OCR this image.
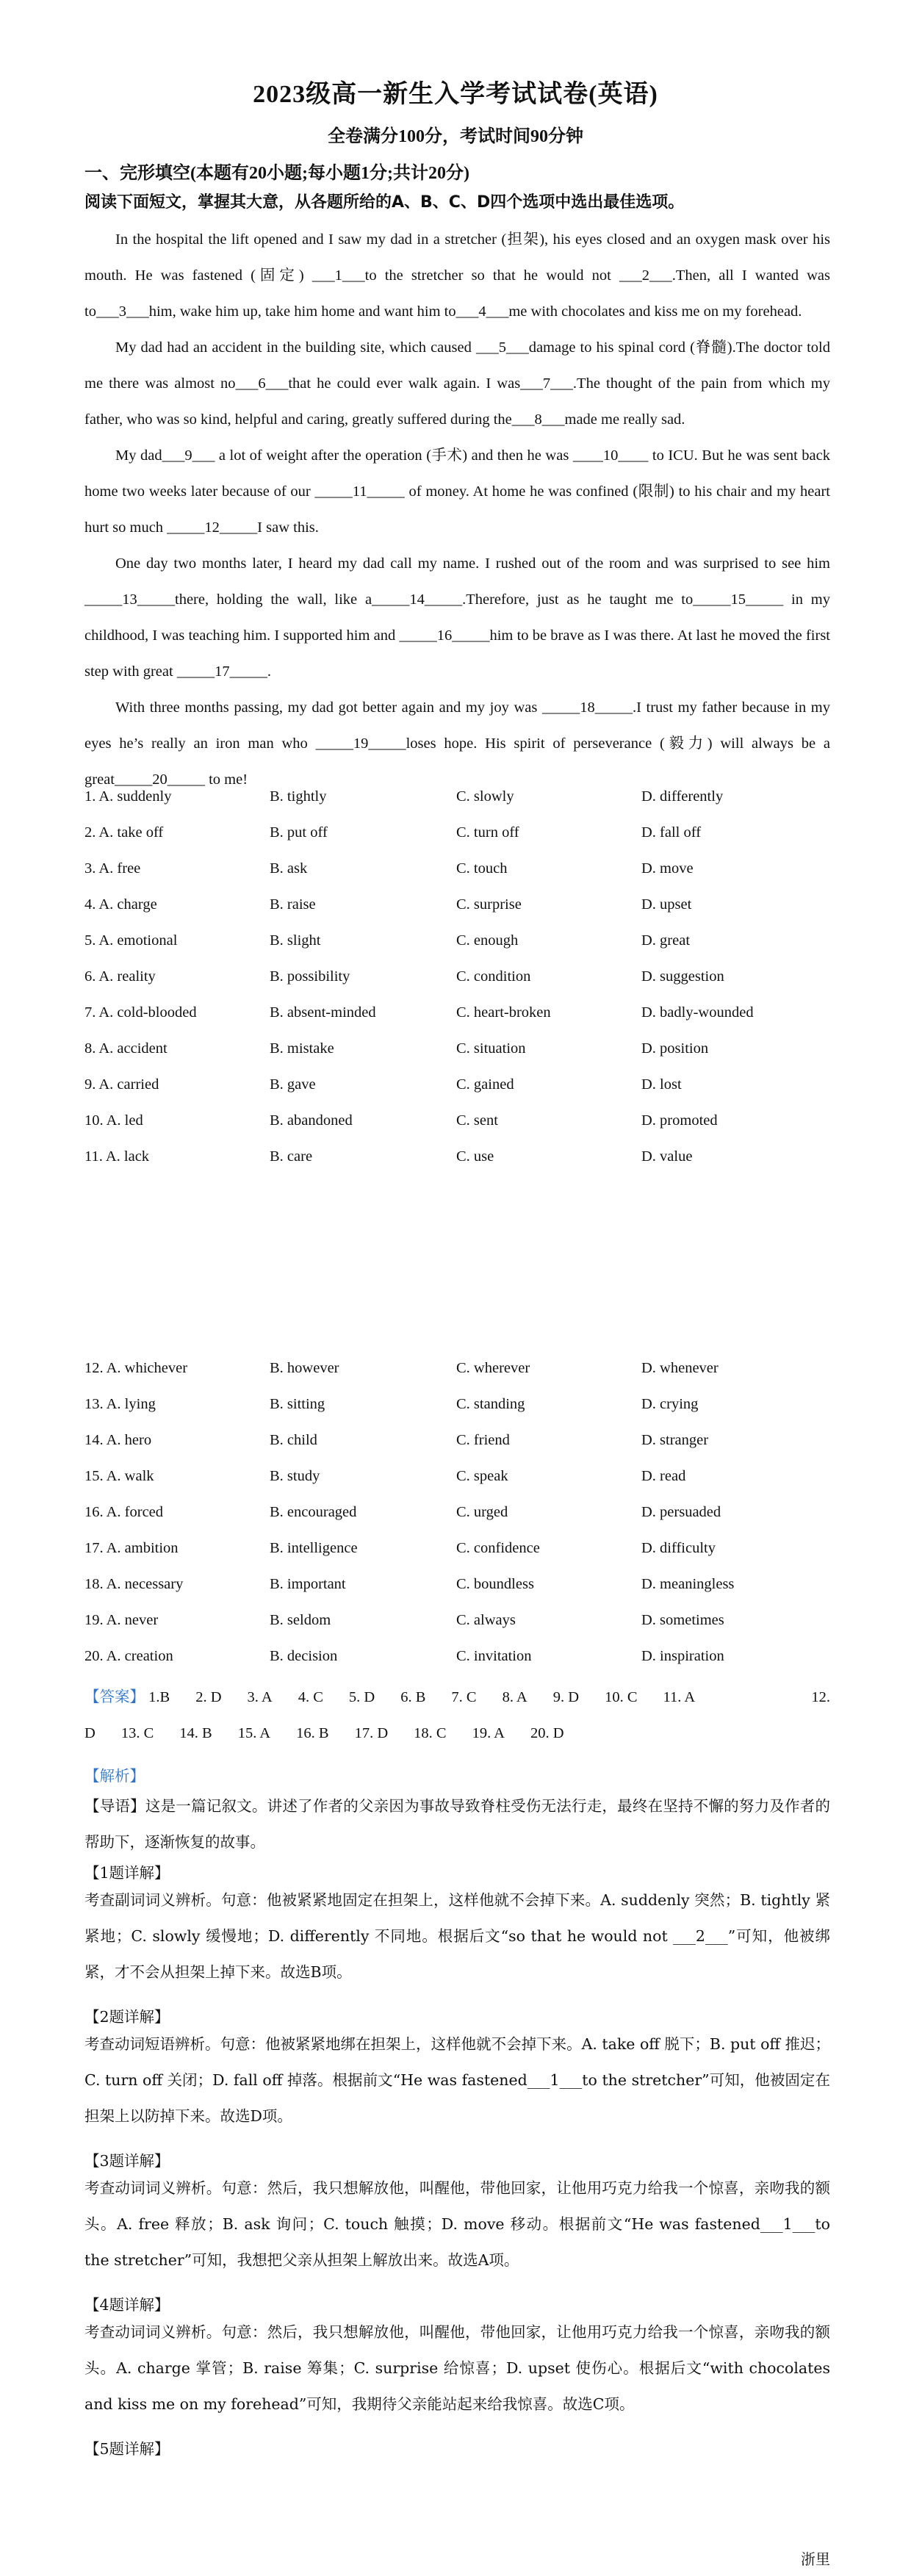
2023级高一新生入学考试试卷(英语)
全卷满分100分，考试时间90分钟
一、完形填空(本题有20小题;每小题1分;共计20分)
阅读下面短文，掌握其大意，从各题所给的A、B、C、D四个选项中选出最佳选项。
In the hospital the lift opened and I saw my dad in a stretcher (担架), his eyes closed and an oxygen mask over his mouth. He was fastened (固定) ___1___to the stretcher so that he would not ___2___.Then, all I wanted was to___3___him, wake him up, take him home and want him to___4___me with chocolates and kiss me on my forehead.
My dad had an accident in the building site, which caused ___5___damage to his spinal cord (脊髓).The doctor told me there was almost no___6___that he could ever walk again. I was___7___.The thought of the pain from which my father, who was so kind, helpful and caring, greatly suffered during the___8___made me really sad.
My dad___9___ a lot of weight after the operation (手术) and then he was ____10____ to ICU. But he was sent back home two weeks later because of our _____11_____ of money. At home he was confined (限制) to his chair and my heart hurt so much _____12_____I saw this.
One day two months later, I heard my dad call my name. I rushed out of the room and was surprised to see him _____13_____there, holding the wall, like a_____14_____.Therefore, just as he taught me to_____15_____ in my childhood, I was teaching him. I supported him and _____16_____him to be brave as I was there. At last he moved the first step with great _____17_____.
With three months passing, my dad got better again and my joy was _____18_____.I trust my father because in my eyes he’s really an iron man who _____19_____loses hope. His spirit of perseverance (毅力) will always be a great_____20_____ to me!
1. A. suddenly	B. tightly	C. slowly	D. differently
2. A. take off	B. put off	C. turn off	D. fall off
3. A. free	B. ask	C. touch	D. move
4. A. charge	B. raise	C. surprise	D. upset
5. A. emotional	B. slight	C. enough	D. great
6. A. reality	B. possibility	C. condition	D. suggestion
7. A. cold-blooded	B. absent-minded	C. heart-broken	D. badly-wounded
8. A. accident	B. mistake	C. situation	D. position
9. A. carried	B. gave	C. gained	D. lost
10. A. led	B. abandoned	C. sent	D. promoted
11. A. lack	B. care	C. use	D. value
12. A. whichever	B. however	C. wherever	D. whenever
13. A. lying	B. sitting	C. standing	D. crying
14. A. hero	B. child	C. friend	D. stranger
15. A. walk	B. study	C. speak	D. read
16. A. forced	B. encouraged	C. urged	D. persuaded
17. A. ambition	B. intelligence	C. confidence	D. difficulty
18. A. necessary	B. important	C. boundless	D. meaningless
19. A. never	B. seldom	C. always	D. sometimes
20. A. creation	B. decision	C. invitation	D. inspiration
【答案】 1.B 2. D 3. A 4. C 5. D 6. B 7. C 8. A 9. D 10. C 11. A	12.
D 13. C 14. B 15. A 16. B 17. D 18. C 19. A 20. D
【解析】
【导语】这是一篇记叙文。讲述了作者的父亲因为事故导致脊柱受伤无法行走，最终在坚持不懈的努力及作者的帮助下，逐渐恢复的故事。
【1题详解】
考查副词词义辨析。句意：他被紧紧地固定在担架上，这样他就不会掉下来。A. suddenly 突然；B. tightly 紧紧地；C. slowly 缓慢地；D. differently 不同地。根据后文“so that he would not ___2___”可知，他被绑紧，才不会从担架上掉下来。故选B项。
【2题详解】
考查动词短语辨析。句意：他被紧紧地绑在担架上，这样他就不会掉下来。A. take off 脱下；B. put off 推迟；C. turn off 关闭；D. fall off 掉落。根据前文“He was fastened___1___to the stretcher”可知，他被固定在担架上以防掉下来。故选D项。
【3题详解】
考查动词词义辨析。句意：然后，我只想解放他，叫醒他，带他回家，让他用巧克力给我一个惊喜，亲吻我的额头。A. free 释放；B. ask 询问；C. touch 触摸；D. move 移动。根据前文“He was fastened___1___to the stretcher”可知，我想把父亲从担架上解放出来。故选A项。
【4题详解】
考查动词词义辨析。句意：然后，我只想解放他，叫醒他，带他回家，让他用巧克力给我一个惊喜，亲吻我的额头。A. charge 掌管；B. raise 筹集；C. surprise 给惊喜；D. upset 使伤心。根据后文“with chocolates and kiss me on my forehead”可知，我期待父亲能站起来给我惊喜。故选C项。
【5题详解】
浙里
